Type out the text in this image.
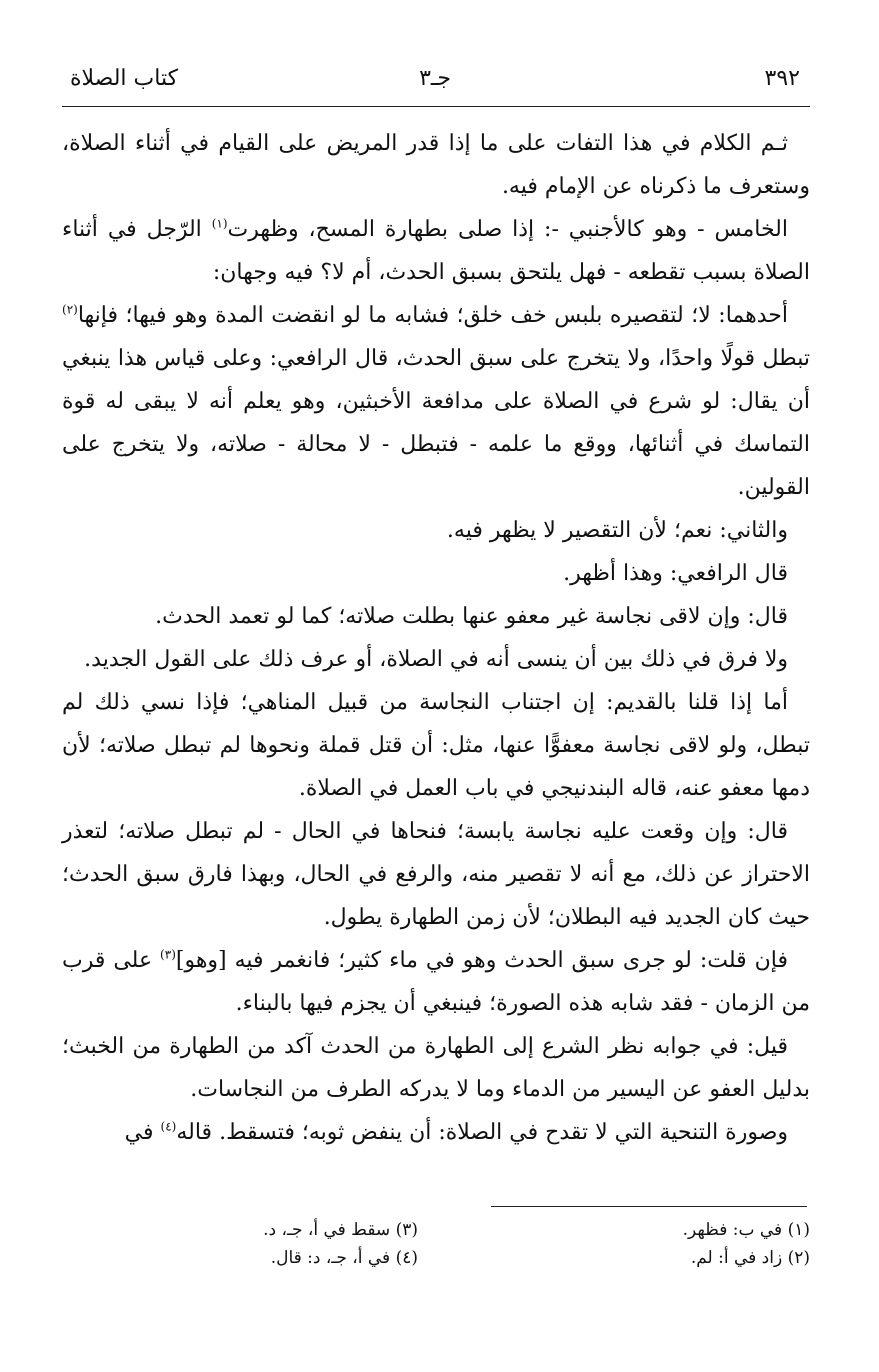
٣٩٢
جـ٣
كتاب الصلاة

ثـم الكلام في هذا التفات على ما إذا قدر المريض على القيام في أثناء الصلاة، وستعرف ما ذكرناه عن الإمام فيه.

الخامس - وهو كالأجنبي -: إذا صلى بطهارة المسح، وظهرت$^{(١)}$ الرّجل في أثناء الصلاة بسبب تقطعه - فهل يلتحق بسبق الحدث، أم لا؟ فيه وجهان:

أحدهما: لا؛ لتقصيره بلبس خف خلق؛ فشابه ما لو انقضت المدة وهو فيها؛ فإنها$^{(٢)}$ تبطل قولًا واحدًا، ولا يتخرج على سبق الحدث، قال الرافعي: وعلى قياس هذا ينبغي أن يقال: لو شرع في الصلاة على مدافعة الأخبثين، وهو يعلم أنه لا يبقى له قوة التماسك في أثنائها، ووقع ما علمه - فتبطل - لا محالة - صلاته، ولا يتخرج على القولين.

والثاني: نعم؛ لأن التقصير لا يظهر فيه.

قال الرافعي: وهذا أظهر.

قال: وإن لاقى نجاسة غير معفو عنها بطلت صلاته؛ كما لو تعمد الحدث.

ولا فرق في ذلك بين أن ينسى أنه في الصلاة، أو عرف ذلك على القول الجديد.

أما إذا قلنا بالقديم: إن اجتناب النجاسة من قبيل المناهي؛ فإذا نسي ذلك لم تبطل، ولو لاقى نجاسة معفوًّا عنها، مثل: أن قتل قملة ونحوها لم تبطل صلاته؛ لأن دمها معفو عنه، قاله البندنيجي في باب العمل في الصلاة.

قال: وإن وقعت عليه نجاسة يابسة؛ فنحاها في الحال - لم تبطل صلاته؛ لتعذر الاحتراز عن ذلك، مع أنه لا تقصير منه، والرفع في الحال، وبهذا فارق سبق الحدث؛ حيث كان الجديد فيه البطلان؛ لأن زمن الطهارة يطول.

فإن قلت: لو جرى سبق الحدث وهو في ماء كثير؛ فانغمر فيه [وهو]$^{(٣)}$ على قرب من الزمان - فقد شابه هذه الصورة؛ فينبغي أن يجزم فيها بالبناء.

قيل: في جوابه نظر الشرع إلى الطهارة من الحدث آكد من الطهارة من الخبث؛ بدليل العفو عن اليسير من الدماء وما لا يدركه الطرف من النجاسات.

وصورة التنحية التي لا تقدح في الصلاة: أن ينفض ثوبه؛ فتسقط. قاله$^{(٤)}$ في

(١) في ب: فظهر.
(٢) زاد في أ: لم.
(٣) سقط في أ، جـ، د.
(٤) في أ، جـ، د: قال.
